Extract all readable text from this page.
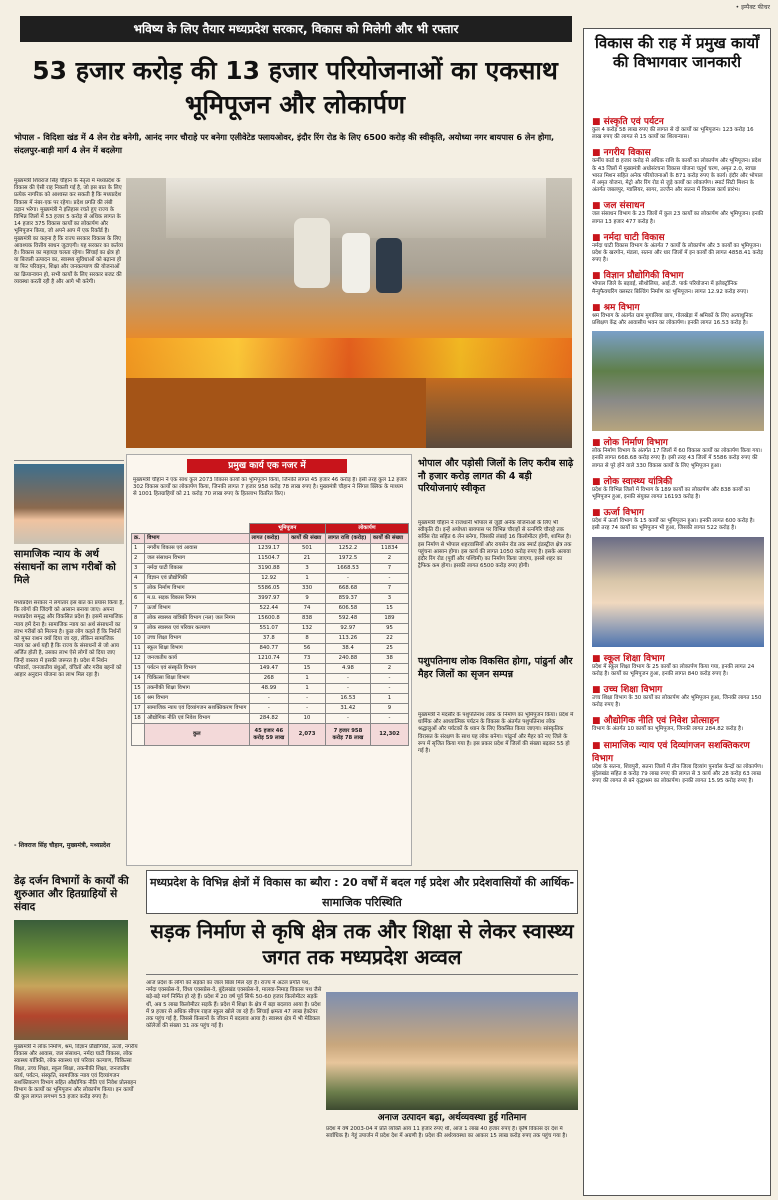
• इम्पैक्ट फीचर
भविष्य के लिए तैयार मध्यप्रदेश सरकार, विकास को मिलेगी और भी रफ्तार
53 हजार करोड़ की 13 हजार परियोजनाओं का एकसाथ भूमिपूजन और लोकार्पण
भोपाल - विदिशा खंड में 4 लेन रोड बनेगी, आनंद नगर चौराहे पर बनेगा एलीवेटेड फ्लायओवर, इंदौर रिंग रोड के लिए 6500 करोड़ की स्वीकृति, अयोध्या नगर बायपास 6 लेन होगा, संदलपुर-बाड़ी मार्ग 4 लेन में बदलेगा
मुख्यमंत्री शिवराज सिंह चौहान के नेतृत्व में मध्यप्रदेश के विकास की ऐसी राह निकली गई है, जो इस बात के लिए प्रत्येक नागरिक को आश्वस्त कर सकती है कि मध्यप्रदेश विकास में नंबर-एक पर रहेगा। प्रदेश प्रगति की लंबी उड़ान भरेगा। मुख्यमंत्री ने इतिहास रचते हुए राज्य के विभिन्न जिलों में 53 हजार 5 करोड़ से अधिक लागत के 14 हजार 375 विकास कार्यों का लोकार्पण और भूमिपूजन किया, जो अपने आप में एक रिकॉर्ड है। मुख्यमंत्री का कहना है कि राज्य सरकार विकास के लिए आवश्यक वित्तीय साधन जुटाएगी। यह सरकार का कर्तव्य है। विकास का महायज्ञ चलता रहेगा। सिंचाई का क्षेत्र हो या बिजली उत्पादन का, स्वास्थ्य सुविधाओं को बढ़ाना हो या फिर परिवहन, शिक्षा और जनकल्याण की योजनाओं का क्रियान्वयन हो, सभी कार्यों के लिए सरकार बजट की व्यवस्था करती रही है और आगे भी करेगी।
सामाजिक न्याय के अर्थ संसाधनों का लाभ गरीबों को मिले
मध्यप्रदेश सरकार ने लगातार इस बात का प्रयास किया है, कि लोगों की जिंदगी को आसान बनाया जाए। अपना मध्यप्रदेश समृद्ध और विकसित प्रदेश है। इसमें सामाजिक न्याय हमें देना है। सामाजिक न्याय का अर्थ संसाधनों का लाभ गरीबों को मिलना है। कुछ लोग कहते हैं कि निर्धनों को मुफ्त राशन क्यों दिया जा रहा, लेकिन सामाजिक न्याय का अर्थ यही है कि राज्य के संसाधनों से जो आय अर्जित होती है, उसका लाभ ऐसे लोगों को दिया जाए जिन्हें वास्तव में इसकी जरूरत है। प्रदेश में निर्धन परिवारों, जनजातीय बंधुओं, वंचितों और गरीब बहनों को आहार अनुदान योजना का लाभ मिल रहा है।
- शिवराज सिंह चौहान, मुख्यमंत्री, मध्यप्रदेश
डेढ़ दर्जन विभागों के कार्यों की शुरुआत और हितग्राहियों से संवाद
मुख्यमंत्री ने लोक निर्माण, श्रम, विज्ञान प्रौद्योगिकी, ऊर्जा, नगरीय विकास और आवास, जल संसाधन, नर्मदा घाटी विकास, लोक स्वास्थ्य यांत्रिकी, लोक स्वास्थ्य एवं परिवार कल्याण, चिकित्सा शिक्षा, उच्च शिक्षा, स्कूल शिक्षा, तकनीकी शिक्षा, जनजातीय कार्य, पर्यटन, संस्कृति, सामाजिक न्याय एवं दिव्यांगजन सशक्तिकरण विभाग सहित औद्योगिक नीति एवं निवेश प्रोत्साहन विभाग के कार्यों का भूमिपूजन और लोकार्पण किया। इन कार्यों की कुल लागत लगभग 53 हजार करोड़ रुपए है।
प्रमुख कार्य एक नजर में
मुख्यमंत्री चौहान ने एक साथ कुल 2073 विकास कार्यों का भूमिपूजन किया, जिनकी लागत 45 हजार 46 करोड़ है। इसी तरह कुल 12 हजार 302 विकास कार्यों का लोकार्पण किया, जिनकी लागत 7 हजार 958 करोड़ 78 लाख रुपए है। मुख्यमंत्री चौहान ने सिंगल क्लिक के माध्यम से 1001 हितग्राहियों को 21 करोड़ 70 लाख रुपए के हितलाभ वितरित किए।
		भूमिपूजन		लोकार्पण	
क्र.	विभाग	लागत (करोड़)	कार्यों की संख्या	लागत राशि (करोड़)	कार्यों की संख्या
1	नगरीय विकास एवं आवास	1239.17	501	1252.2	11834
2	जल संसाधन विभाग	11504.7	21	1972.5	2
3	नर्मदा घाटी विकास	3190.88	3	1668.53	7
4	विज्ञान एवं प्रौद्योगिकी	12.92	1	-	-
5	लोक निर्माण विभाग	5586.05	330	668.68	7
6	म.प्र. सड़क विकास निगम	3997.97	9	859.37	3
7	ऊर्जा विभाग	522.44	74	606.58	15
8	लोक स्वास्थ्य यांत्रिकी विभाग (नल) जल निगम	15600.8	838	592.48	189
9	लोक स्वास्थ्य एवं परिवार कल्याण	551.07	132	92.97	95
10	उच्च शिक्षा विभाग	37.8	8	113.26	22
11	स्कूल शिक्षा विभाग	840.77	56	38.4	25
12	जनजातीय कार्य	1210.74	73	240.88	38
13	पर्यटन एवं संस्कृति विभाग	149.47	15	4.98	2
14	चिकित्सा शिक्षा विभाग	268	1	-	-
15	तकनीकी शिक्षा विभाग	48.99	1	-	-
16	श्रम विभाग	-	-	16.53	1
17	सामाजिक न्याय एवं दिव्यांगजन सशक्तिकरण विभाग	-	-	31.42	9
18	औद्योगिक नीति एवं निवेश विभाग	284.82	10	-	-
	कुल	45 हजार 46 करोड़ 59 लाख	2,073	7 हजार 958 करोड़ 78 लाख	12,302
भोपाल और पड़ोसी जिलों के लिए करीब साढ़े नौ हजार करोड़ लागत की 4 बड़ी परियोजनाएं स्वीकृत
मुख्यमंत्री चौहान ने राजधानी भोपाल से जुड़ी अनेक योजनाओं के लिए भी स्वीकृति दी। इन्हें अयोध्या बायपास पर विभिन्न चौराहों से रत्नगिरि चौराहे तक सर्विस रोड सहित 6 लेन बनेगा, जिसकी लंबाई 16 किलोमीटर होगी, शामिल है। इस निर्माण से भोपाल शहरवासियों और रायसेन रोड तक स्मार्ट इंडस्ट्रीज क्षेत्र तक पहुंचना आसान होगा। इस कार्य की लागत 1050 करोड़ रुपए है। इसके अलावा इंदौर रिंग रोड (पूर्वी और पश्चिमी) का निर्माण किया जाएगा, इससे शहर का ट्रैफिक कम होगा। इसकी लागत 6500 करोड़ रुपए होगी।
पशुपतिनाथ लोक विकसित होगा, पांढुर्ना और मैहर जिलों का सृजन सम्पन्न
मुख्यमंत्री ने मंदसौर के पशुपतिनाथ लोक के निर्माण का भूमिपूजन किया। प्रदेश में धार्मिक और आध्यात्मिक पर्यटन के विकास के अंतर्गत पशुपतिनाथ लोक श्रद्धालुओं और पर्यटकों के ध्यान के लिए विकसित किया जाएगा। सांस्कृतिक विरासत के संरक्षण के साथ यह लोक बनेगा। पांढुर्ना और मैहर को नए जिले के रूप में सृजित किया गया है। इस प्रकार प्रदेश में जिलों की संख्या बढ़कर 55 हो गई है।
मध्यप्रदेश के विभिन्न क्षेत्रों में विकास का ब्यौरा : 20 वर्षों में बदल गई प्रदेश और प्रदेशवासियों की आर्थिक-सामाजिक परिस्थिति
सड़क निर्माण से कृषि क्षेत्र तक और शिक्षा से लेकर स्वास्थ्य जगत तक मध्यप्रदेश अव्वल
आज प्रदेश के लोगों को सड़कों का जाल बिछा मिल रहा है। राज्य में अटल प्रगति पथ, नर्मदा एक्सप्रेस-वे, विंध्य एक्सप्रेस-वे, बुंदेलखंड एक्सप्रेस-वे, मालवा-निमाड़ विकास पथ जैसे बड़े-बड़े मार्ग निर्मित हो रहे हैं। प्रदेश में 20 वर्ष पूर्व सिर्फ 50-60 हजार किलोमीटर सड़कें थीं, अब 5 लाख किलोमीटर सड़कें हैं। प्रदेश में शिक्षा के क्षेत्र में बड़ा बदलाव आया है। प्रदेश में 9 हजार से अधिक सीएम राइज स्कूल खोले जा रहे हैं। सिंचाई क्षमता 47 लाख हेक्टेयर तक पहुंच गई है, जिससे किसानों के जीवन में बदलाव आया है। स्वास्थ्य क्षेत्र में भी मेडिकल कॉलेजों की संख्या 31 तक पहुंच गई है।
अनाज उत्पादन बढ़ा, अर्थव्यवस्था हुई गतिमान
प्रदेश में वर्ष 2003-04 में प्रति व्यक्ति आय 11 हजार रुपए थी, आज 1 लाख 40 हजार रुपए है। कृषि विकास दर देश में सर्वाधिक है। गेहूं उपार्जन में प्रदेश देश में अग्रणी है। प्रदेश की अर्थव्यवस्था का आकार 15 लाख करोड़ रुपए तक पहुंच गया है।
विकास की राह में प्रमुख कार्यों की विभागवार जानकारी
■ संस्कृति एवं पर्यटन
कुल 4 करोड़ 58 लाख रुपए की लागत से दो कार्यों का भूमिपूजन। 123 करोड़ 16 लाख रुपए की लागत से 15 कार्यों का शिलान्यास।
■ नगरीय विकास
कर्मीय कार्ड 8 हजार करोड़ से अधिक राशि के कार्यों का लोकार्पण और भूमिपूजन। प्रदेश के 43 जिलों में मुख्यमंत्री अधोसंरचना विकास योजना चतुर्थ चरण, अमृत 2.0, स्वच्छ भारत मिशन सहित अनेक परियोजनाओं के 871 करोड़ रुपए के कार्य। इंदौर और भोपाल में अमृत योजना, मेट्रो और रिंग रोड से जुड़े कार्यों का लोकार्पण। स्मार्ट सिटी मिशन के अंतर्गत जबलपुर, ग्वालियर, सागर, उज्जैन और सतना में विकास कार्य प्रारंभ।
■ जल संसाधन
जल संसाधन विभाग के 23 जिलों में कुल 23 कार्यों का लोकार्पण और भूमिपूजन। इनकी लागत 13 हजार 477 करोड़ है।
■ नर्मदा घाटी विकास
नर्मदा घाटी विकास विभाग के अंतर्गत 7 कार्यों के लोकार्पण और 3 कार्यों का भूमिपूजन। प्रदेश के खरगोन, मंडला, सतना और धार जिलों में इन कार्यों की लागत 4858.41 करोड़ रुपए है।
■ विज्ञान प्रौद्योगिकी विभाग
भोपाल जिले के बड़वई, सीथोलिया, आई.टी. पार्क परियोजना में इलेक्ट्रॉनिक मैन्युफैक्चरिंग क्लस्टर बिल्डिंग निर्माण का भूमिपूजन। लागत 12.92 करोड़ रुपए।
■ श्रम विभाग
श्रम विभाग के अंतर्गत ग्राम मुगालिया छाप, गोलखेड़ा में श्रमिकों के लिए अत्याधुनिक प्रशिक्षण केंद्र और आवासीय भवन का लोकार्पण। इनकी लागत 16.53 करोड़ है।
■ लोक निर्माण विभाग
लोक निर्माण विभाग के अंतर्गत 17 जिलों में 60 विकास कार्यों का लोकार्पण किया गया। इनकी लागत 668.68 करोड़ रुपए है। इसी तरह 43 जिलों में 5586 करोड़ रुपए की लागत से पूरे होने वाले 330 विकास कार्यों के लिए भूमिपूजन हुआ।
■ लोक स्वास्थ्य यांत्रिकी
प्रदेश के विभिन्न जिलों में विभाग के 189 कार्यों का लोकार्पण और 838 कार्यों का भूमिपूजन हुआ, इनकी संयुक्त लागत 16193 करोड़ है।
■ ऊर्जा विभाग
प्रदेश में ऊर्जा विभाग के 15 कार्यों का भूमिपूजन हुआ। इनकी लागत 600 करोड़ है। इसी तरह 74 कार्यों का भूमिपूजन भी हुआ, जिसकी लागत 522 करोड़ है।
■ स्कूल शिक्षा विभाग
प्रदेश में स्कूल शिक्षा विभाग के 25 कार्यों का लोकार्पण किया गया, इनकी लागत 24 करोड़ है। कार्यों का भूमिपूजन हुआ, इनकी लागत 840 करोड़ रुपए है।
■ उच्च शिक्षा विभाग
उच्च शिक्षा विभाग के 30 कार्यों का लोकार्पण और भूमिपूजन हुआ, जिनकी लागत 150 करोड़ रुपए है।
■ औद्योगिक नीति एवं निवेश प्रोत्साहन
विभाग के अंतर्गत 10 कार्यों का भूमिपूजन, जिनकी लागत 284.82 करोड़ है।
■ सामाजिक न्याय एवं दिव्यांगजन सशक्तिकरण विभाग
प्रदेश के सतना, शिवपुरी, सतना जिलों में तीन जिला दिव्यांग पुनर्वास केन्द्रों का लोकार्पण। बुंदेलखंड सहित 8 करोड़ 79 लाख रुपए की लागत से 3 कार्य और 28 करोड़ 63 लाख रुपए की लागत से बने वृद्धाश्रम का लोकार्पण। इनकी लागत 15.95 करोड़ रुपए है।
